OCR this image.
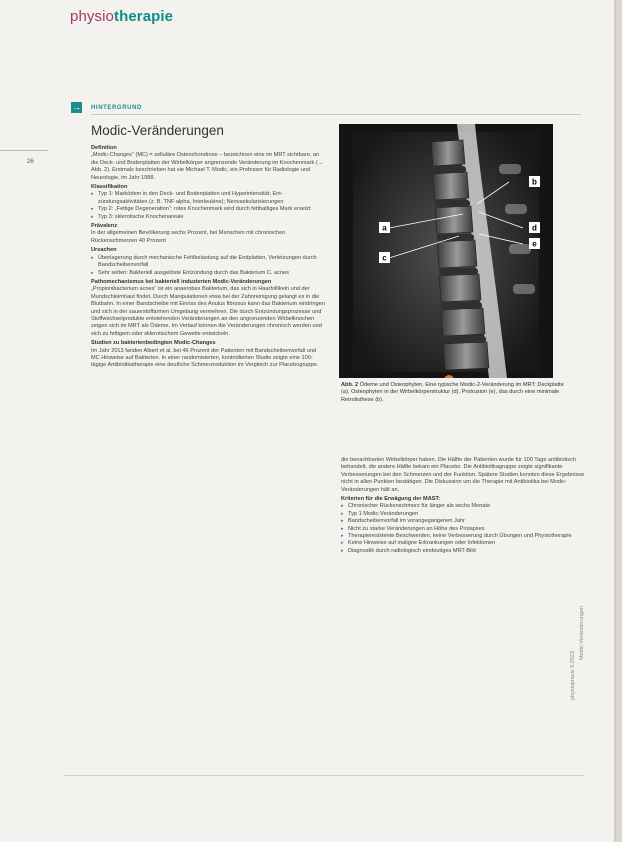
physiotherapie
26
→ HINTERGRUND
Modic-Veränderungen
Definition

„Modic-Changes“ (MC) = zelluläre Osteochondrose – bezeichnen eine im MRT sichtbare, an die Deck- und Bodenplatten der Wirbelkörper angrenzende Veränderung im Knochenmark (→ Abb. 2). Erstmals beschrieben hat sie Michael T. Modic, ein Professor für Radiologie und Neurologie, im Jahr 1988.

Klassifikation
▸ Typ 1: Marködem in den Deck- und Bodenplatten und Hyperintensität; Entzündungsaktivitäten (z. B. TNF alpha, Interleukine); Neovaskularisierungen
▸ Typ 2: „Fettige Degeneration“; rotes Knochenmark wird durch fetthaltiges Mark ersetzt
▸ Typ 3: sklerotische Knochenareale
Prävalenz

In der allgemeinen Bevölkerung sechs Prozent, bei Menschen mit chronischen Rückenschmerzen 40 Prozent

Ursachen
▸ Überlagerung durch mechanische Fehlbelastung auf die Endplatten, Verletzungen durch Bandscheibenvorfall
▸ Sehr selten: Bakteriell ausgelöste Entzündung durch das Bakterium C. acnes
Pathomechanismus bei bakteriell induzierten Modic-Veränderungen

„Propionibacterium acnes“ ist ein anaerobes Bakterium, das sich in Haarfollikeln und der Mundschleimhaut findet. Durch Manipulationen etwa bei der Zahnreinigung gelangt es in die Blutbahn. In einer Bandscheibe mit Einriss des Anulus fibrosus kann das Bakterium eindringen und sich in der sauerstoffarmen Umgebung vermehren. Die durch Entzündungsprozesse und Stoffwechselprodukte entstehenden Veränderungen an den angrenzenden Wirbelknochen zeigen sich im MRT als Ödeme. Im Verlauf können die Veränderungen chronisch werden und sich zu fettigem oder sklerotischem Gewebe entwickeln.

Studien zu bakterienbedingten Modic-Changes

Im Jahr 2013 fanden Albert et al. bei 46 Prozent der Patienten mit Bandscheibenvorfall und MC Hinweise auf Bakterien. In einer randomisierten, kontrollierten Studie zeigte eine 100-tägige Antibiotikatherapie eine deutliche Schmerzreduktion im Vergleich zur Placebogruppe.

a
b
c
d
e
Abb. 2 Ödeme und Osteophyten. Eine typische Modic-2-Veränderung im MRT: Deckplatte (a), Osteophyten in der Wirbelkörperstruktur (d), Protrusion (e), das durch eine minimale Retrolisthese (b).

die benachbarten Wirbelkörper haben. Die Hälfte der Patienten wurde für 100 Tage antibiotisch behandelt, die andere Hälfte bekam ein Placebo. Die Antibiotikagruppe zeigte signifikante Verbesserungen bei den Schmerzen und der Funktion. Spätere Studien konnten diese Ergebnisse nicht in allen Punkten bestätigen. Die Diskussion um die Therapie mit Antibiotika bei Modic-Veränderungen hält an.

Kriterien für die Erwägung der MAST:
▸ Chronischer Rückenschmerz für länger als sechs Monate
▸ Typ 1 Modic-Veränderungen
▸ Bandscheibenvorfall im vorangegangenen Jahr
▸ Nicht zu starke Veränderungen an Höhe des Prolapses
▸ Therapieresistente Beschwerden, keine Verbesserung durch Übungen und Physiotherapie
▸ Keine Hinweise auf maligne Erkrankungen oder Infektionen
▸ Diagnostik durch radiologisch eindeutiges MRT-Bild
physiopraxis 9.2023
Modic-Veränderungen
